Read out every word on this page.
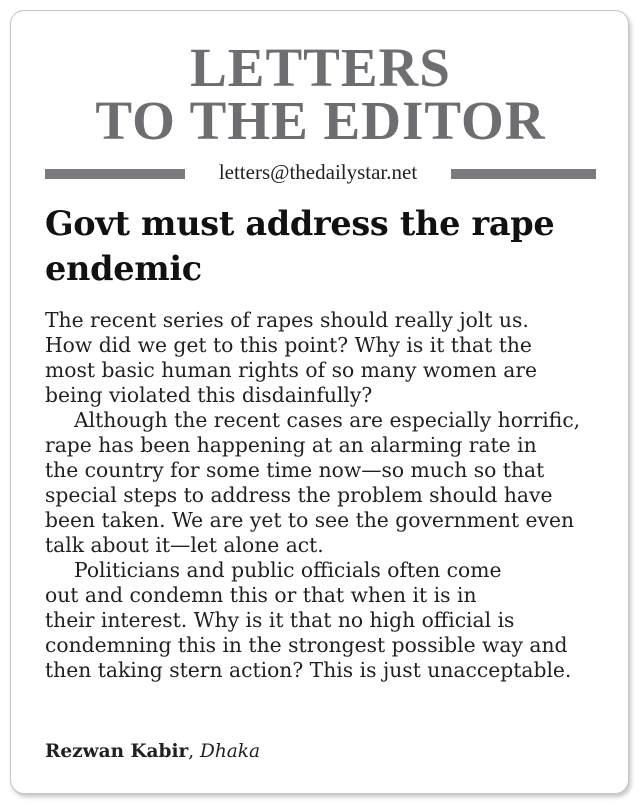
LETTERS
TO THE EDITOR
letters@thedailystar.net
Govt must address the rape endemic
The recent series of rapes should really jolt us.
How did we get to this point? Why is it that the
most basic human rights of so many women are
being violated this disdainfully?
Although the recent cases are especially horrific,
rape has been happening at an alarming rate in
the country for some time now—so much so that
special steps to address the problem should have
been taken. We are yet to see the government even
talk about it—let alone act.
Politicians and public officials often come
out and condemn this or that when it is in
their interest. Why is it that no high official is
condemning this in the strongest possible way and
then taking stern action? This is just unacceptable.
Rezwan Kabir, Dhaka
